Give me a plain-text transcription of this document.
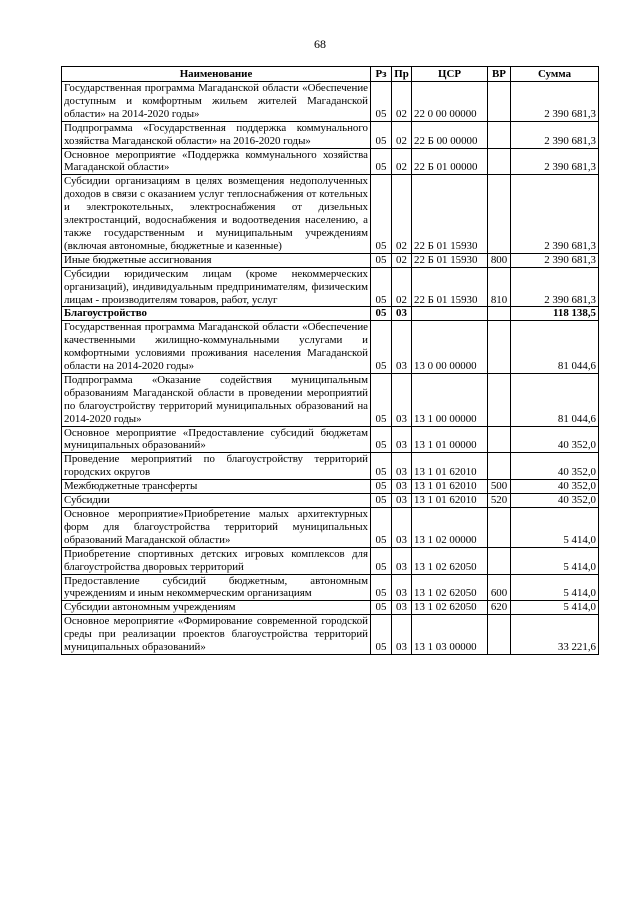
68
Наименование	Рз	Пр	ЦСР	ВР	Сумма
Государственная программа Магаданской области «Обеспечение доступным и комфортным жильем жителей Магаданской области» на 2014-2020 годы»	05	02	22 0 00 00000		2 390 681,3
Подпрограмма «Государственная поддержка коммунального хозяйства Магаданской области» на 2016-2020 годы»	05	02	22 Б 00 00000		2 390 681,3
Основное мероприятие «Поддержка коммунального хозяйства Магаданской области»	05	02	22 Б 01 00000		2 390 681,3
Субсидии организациям в целях возмещения недополученных доходов в связи с оказанием услуг теплоснабжения от котельных и электрокотельных, электроснабжения от дизельных электростанций, водоснабжения и водоотведения населению, а также государственным и муниципальным учреждениям (включая автономные, бюджетные и казенные)	05	02	22 Б 01 15930		2 390 681,3
Иные бюджетные ассигнования	05	02	22 Б 01 15930	800	2 390 681,3
Субсидии юридическим лицам (кроме некоммерческих организаций), индивидуальным предпринимателям, физическим лицам - производителям товаров, работ, услуг	05	02	22 Б 01 15930	810	2 390 681,3
Благоустройство	05	03			118 138,5
Государственная программа Магаданской области «Обеспечение качественными жилищно-коммунальными услугами и комфортными условиями проживания населения Магаданской области на 2014-2020 годы»	05	03	13 0 00 00000		81 044,6
Подпрограмма «Оказание содействия муниципальным образованиям Магаданской области в проведении мероприятий по благоустройству территорий муниципальных образований на 2014-2020 годы»	05	03	13 1 00 00000		81 044,6
Основное мероприятие «Предоставление субсидий бюджетам муниципальных образований»	05	03	13 1 01 00000		40 352,0
Проведение мероприятий по благоустройству территорий городских округов	05	03	13 1 01 62010		40 352,0
Межбюджетные трансферты	05	03	13 1 01 62010	500	40 352,0
Субсидии	05	03	13 1 01 62010	520	40 352,0
Основное мероприятие»Приобретение малых архитектурных форм для благоустройства территорий муниципальных образований Магаданской области»	05	03	13 1 02 00000		5 414,0
Приобретение спортивных детских игровых комплексов для благоустройства дворовых территорий	05	03	13 1 02 62050		5 414,0
Предоставление субсидий бюджетным, автономным учреждениям и иным некоммерческим организациям	05	03	13 1 02 62050	600	5 414,0
Субсидии автономным учреждениям	05	03	13 1 02 62050	620	5 414,0
Основное мероприятие «Формирование современной городской среды при реализации проектов благоустройства территорий муниципальных образований»	05	03	13 1 03 00000		33 221,6
